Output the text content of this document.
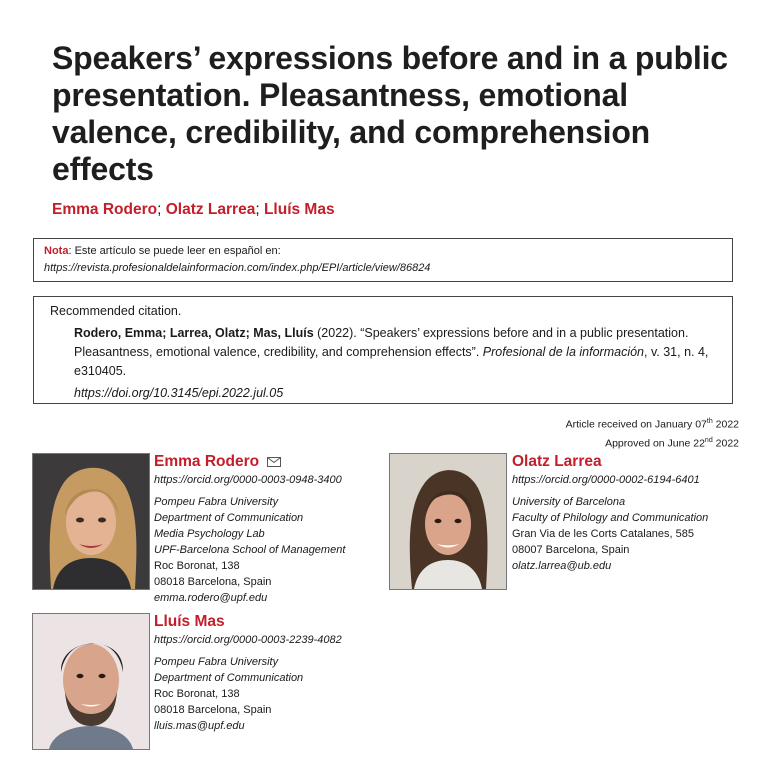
Speakers’ expressions before and in a public presentation. Pleasantness, emotional valence, credibility, and comprehension effects
Emma Rodero; Olatz Larrea; Lluís Mas
Nota: Este artículo se puede leer en español en:
https://revista.profesionaldelainformacion.com/index.php/EPI/article/view/86824

Recommended citation.

Rodero, Emma; Larrea, Olatz; Mas, Lluís (2022). “Speakers’ expressions before and in a public presentation. Pleasantness, emotional valence, credibility, and comprehension effects”. Profesional de la información, v. 31, n. 4, e310405.

https://doi.org/10.3145/epi.2022.jul.05

Article received on January 07th 2022
Approved on June 22nd 2022
Emma Rodero
https://orcid.org/0000-0003-0948-3400
Pompeu Fabra University
Department of Communication
Media Psychology Lab
UPF-Barcelona School of Management
Roc Boronat, 138
08018 Barcelona, Spain
emma.rodero@upf.edu
Olatz Larrea
https://orcid.org/0000-0002-6194-6401
University of Barcelona
Faculty of Philology and Communication
Gran Via de les Corts Catalanes, 585
08007 Barcelona, Spain
olatz.larrea@ub.edu
Lluís Mas
https://orcid.org/0000-0003-2239-4082
Pompeu Fabra University
Department of Communication
Roc Boronat, 138
08018 Barcelona, Spain
lluis.mas@upf.edu
